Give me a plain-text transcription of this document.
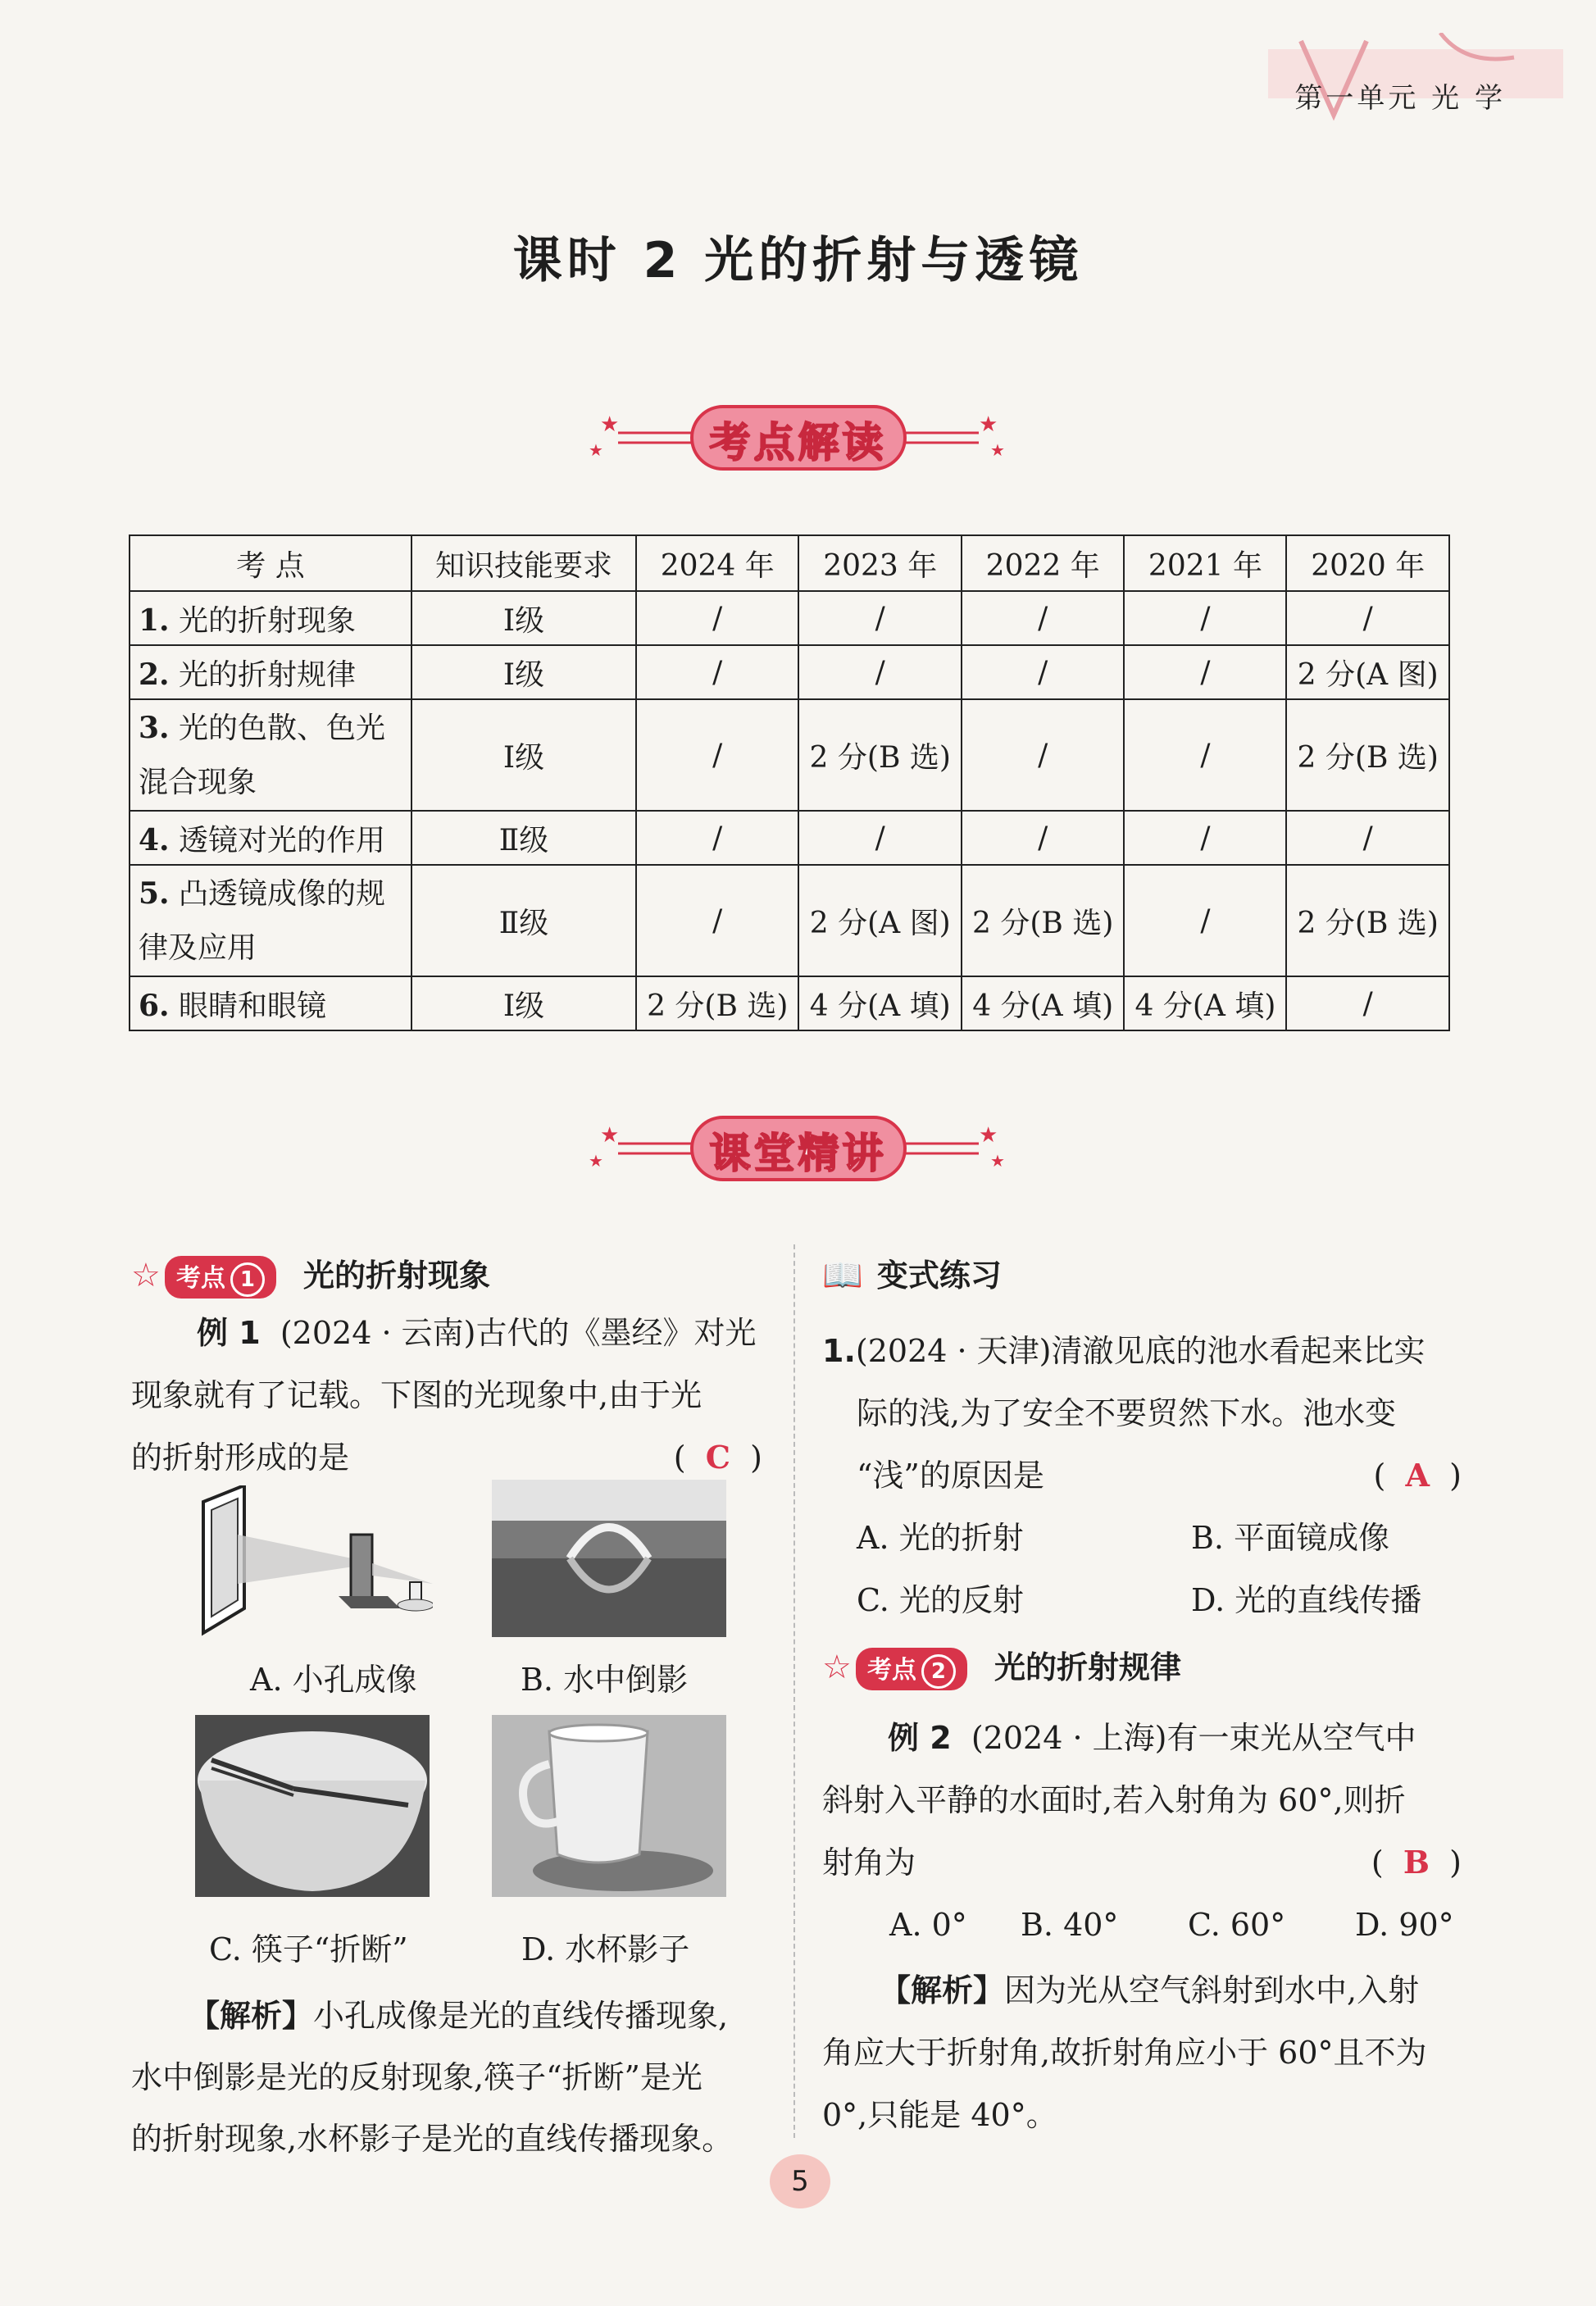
第一单元 光 学
课时 2 光的折射与透镜
★
★
★
★
考点解读
考 点	知识技能要求	2024 年	2023 年	2022 年	2021 年	2020 年
1. 光的折射现象	Ⅰ级	/	/	/	/	/
2. 光的折射规律	Ⅰ级	/	/	/	/	2 分(A 图)
3. 光的色散、色光混合现象	Ⅰ级	/	2 分(B 选)	/	/	2 分(B 选)
4. 透镜对光的作用	Ⅱ级	/	/	/	/	/
5. 凸透镜成像的规律及应用	Ⅱ级	/	2 分(A 图)	2 分(B 选)	/	2 分(B 选)
6. 眼睛和眼镜	Ⅰ级	2 分(B 选)	4 分(A 填)	4 分(A 填)	4 分(A 填)	/
★
★
★
★
课堂精讲
☆ 考点 1 光的折射现象
例 1 (2024 · 云南)古代的《墨经》对光
现象就有了记载。下图的光现象中,由于光
的折射形成的是	(  C  )
A. 小孔成像	B. 水中倒影
C. 筷子“折断”	D. 水杯影子
【解析】小孔成像是光的直线传播现象,
水中倒影是光的反射现象,筷子“折断”是光
的折射现象,水杯影子是光的直线传播现象。
📖 变式练习
1.(2024 · 天津)清澈见底的池水看起来比实
际的浅,为了安全不要贸然下水。池水变
“浅”的原因是	(  A  )
A. 光的折射	B. 平面镜成像
C. 光的反射	D. 光的直线传播
☆ 考点 2 光的折射规律
例 2 (2024 · 上海)有一束光从空气中
斜射入平静的水面时,若入射角为 60°,则折
射角为	(  B  )
A. 0° B. 40° C. 60° D. 90°
【解析】因为光从空气斜射到水中,入射
角应大于折射角,故折射角应小于 60°且不为
0°,只能是 40°。
5
